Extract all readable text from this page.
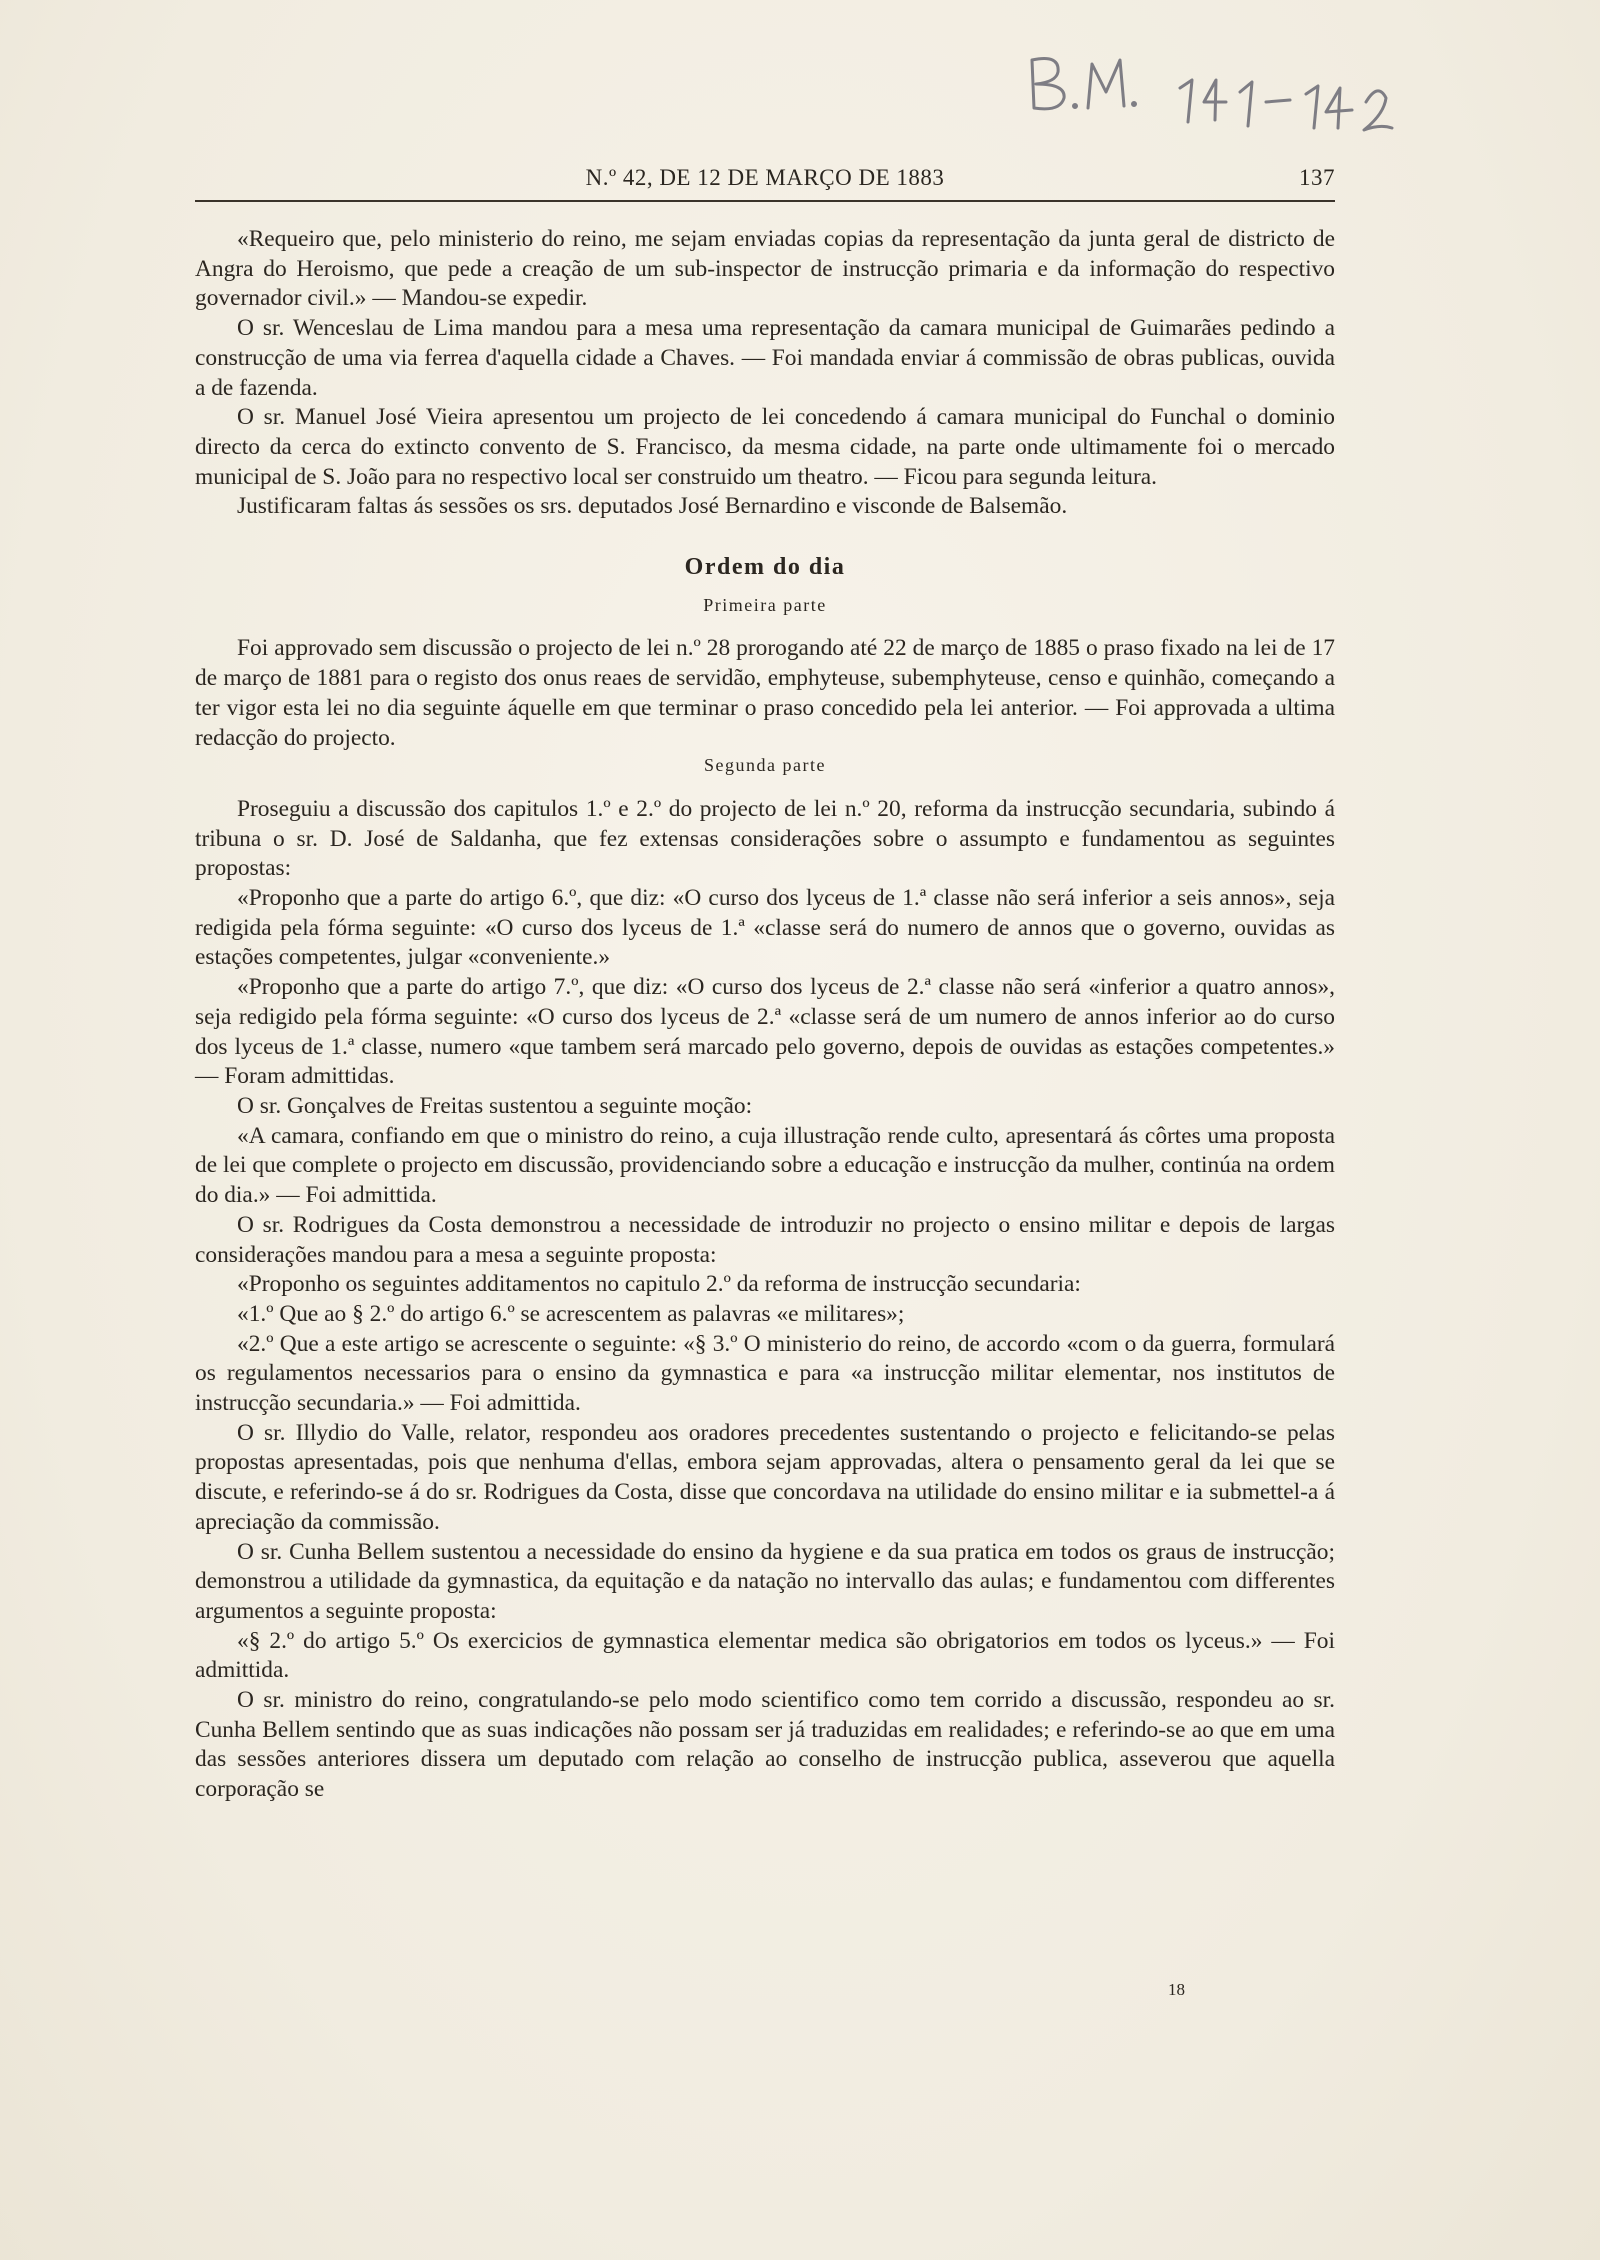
N.º 42, DE 12 DE MARÇO DE 1883	137

«Requeiro que, pelo ministerio do reino, me sejam enviadas copias da representação da junta geral de districto de Angra do Heroismo, que pede a creação de um sub-inspector de instrucção primaria e da informação do respectivo governador civil.» — Mandou-se expedir.

O sr. Wenceslau de Lima mandou para a mesa uma representação da camara municipal de Guimarães pedindo a construcção de uma via ferrea d'aquella cidade a Chaves. — Foi mandada enviar á commissão de obras publicas, ouvida a de fazenda.

O sr. Manuel José Vieira apresentou um projecto de lei concedendo á camara municipal do Funchal o dominio directo da cerca do extincto convento de S. Francisco, da mesma cidade, na parte onde ultimamente foi o mercado municipal de S. João para no respectivo local ser construido um theatro. — Ficou para segunda leitura.

Justificaram faltas ás sessões os srs. deputados José Bernardino e visconde de Balsemão.

Ordem do dia
Primeira parte

Foi approvado sem discussão o projecto de lei n.º 28 prorogando até 22 de março de 1885 o praso fixado na lei de 17 de março de 1881 para o registo dos onus reaes de servidão, emphyteuse, subemphyteuse, censo e quinhão, começando a ter vigor esta lei no dia seguinte áquelle em que terminar o praso concedido pela lei anterior. — Foi approvada a ultima redacção do projecto.

Segunda parte

Proseguiu a discussão dos capitulos 1.º e 2.º do projecto de lei n.º 20, reforma da instrucção secundaria, subindo á tribuna o sr. D. José de Saldanha, que fez extensas considerações sobre o assumpto e fundamentou as seguintes propostas:

«Proponho que a parte do artigo 6.º, que diz: «O curso dos lyceus de 1.ª classe não será inferior a seis annos», seja redigida pela fórma seguinte: «O curso dos lyceus de 1.ª «classe será do numero de annos que o governo, ouvidas as estações competentes, julgar «conveniente.»

«Proponho que a parte do artigo 7.º, que diz: «O curso dos lyceus de 2.ª classe não será «inferior a quatro annos», seja redigido pela fórma seguinte: «O curso dos lyceus de 2.ª «classe será de um numero de annos inferior ao do curso dos lyceus de 1.ª classe, numero «que tambem será marcado pelo governo, depois de ouvidas as estações competentes.» — Foram admittidas.

O sr. Gonçalves de Freitas sustentou a seguinte moção:

«A camara, confiando em que o ministro do reino, a cuja illustração rende culto, apresentará ás côrtes uma proposta de lei que complete o projecto em discussão, providenciando sobre a educação e instrucção da mulher, continúa na ordem do dia.» — Foi admittida.

O sr. Rodrigues da Costa demonstrou a necessidade de introduzir no projecto o ensino militar e depois de largas considerações mandou para a mesa a seguinte proposta:

«Proponho os seguintes additamentos no capitulo 2.º da reforma de instrucção secundaria:

«1.º Que ao § 2.º do artigo 6.º se acrescentem as palavras «e militares»;

«2.º Que a este artigo se acrescente o seguinte: «§ 3.º O ministerio do reino, de accordo «com o da guerra, formulará os regulamentos necessarios para o ensino da gymnastica e para «a instrucção militar elementar, nos institutos de instrucção secundaria.» — Foi admittida.

O sr. Illydio do Valle, relator, respondeu aos oradores precedentes sustentando o projecto e felicitando-se pelas propostas apresentadas, pois que nenhuma d'ellas, embora sejam approvadas, altera o pensamento geral da lei que se discute, e referindo-se á do sr. Rodrigues da Costa, disse que concordava na utilidade do ensino militar e ia submettel-a á apreciação da commissão.

O sr. Cunha Bellem sustentou a necessidade do ensino da hygiene e da sua pratica em todos os graus de instrucção; demonstrou a utilidade da gymnastica, da equitação e da natação no intervallo das aulas; e fundamentou com differentes argumentos a seguinte proposta:

«§ 2.º do artigo 5.º Os exercicios de gymnastica elementar medica são obrigatorios em todos os lyceus.» — Foi admittida.

O sr. ministro do reino, congratulando-se pelo modo scientifico como tem corrido a discussão, respondeu ao sr. Cunha Bellem sentindo que as suas indicações não possam ser já traduzidas em realidades; e referindo-se ao que em uma das sessões anteriores dissera um deputado com relação ao conselho de instrucção publica, asseverou que aquella corporação se

18
